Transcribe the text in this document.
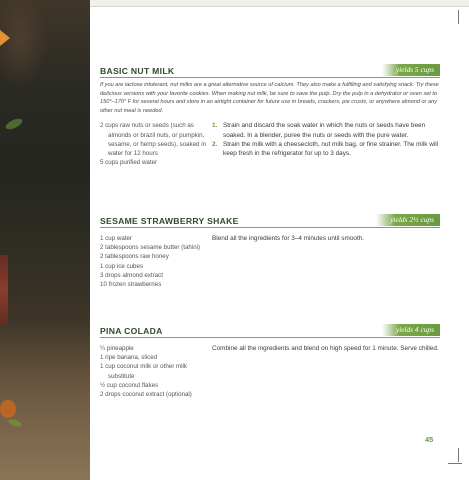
BASIC NUT MILK	yields 5 cups

If you are lactose intolerant, nut milks are a great alternative source of calcium. They also make a fulfilling and satisfying snack. Try these delicious versions with your favorite cookies. When making nut milk, be sure to save the pulp. Dry the pulp in a dehydrator or oven set to 150°–170° F for several hours and store in an airtight container for future use in breads, crackers, pie crusts, or anywhere almond or any other nut meal is needed.

2 cups raw nuts or seeds (such as almonds or brazil nuts, or pumpkin, sesame, or hemp seeds), soaked in water for 12 hours
5 cups purified water
1. Strain and discard the soak water in which the nuts or seeds have been soaked. In a blender, puree the nuts or seeds with the pure water.
2. Strain the milk with a cheesecloth, nut milk bag, or fine strainer. The milk will keep fresh in the refrigerator for up to 3 days.
SESAME STRAWBERRY SHAKE	yields 2½ cups
1 cup water
2 tablespoons sesame butter (tahini)
2 tablespoons raw honey
1 cup ice cubes
3 drops almond extract
10 frozen strawberries
Blend all the ingredients for 3–4 minutes until smooth.
PINA COLADA	yields 4 cups
¼ pineapple
1 ripe banana, sliced
1 cup coconut milk or other milk substitute
½ cup coconut flakes
2 drops coconut extract (optional)
Combine all the ingredients and blend on high speed for 1 minute. Serve chilled.
45
